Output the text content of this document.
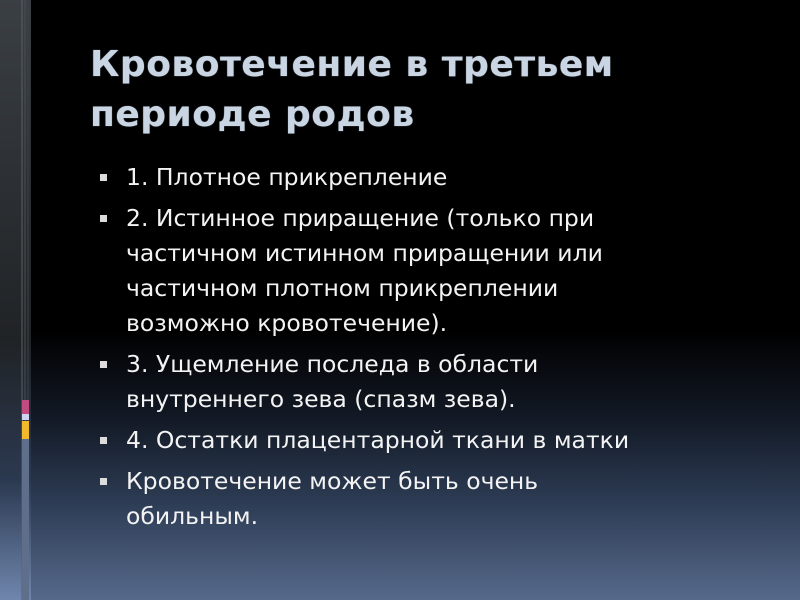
Кровотечение в третьем
периоде родов
1. Плотное прикрепление
2. Истинное приращение (только при
частичном истинном приращении или
частичном плотном прикреплении
возможно кровотечение).
3. Ущемление последа в области
внутреннего зева (спазм зева).
4. Остатки плацентарной ткани в матки
Кровотечение может быть очень
обильным.
